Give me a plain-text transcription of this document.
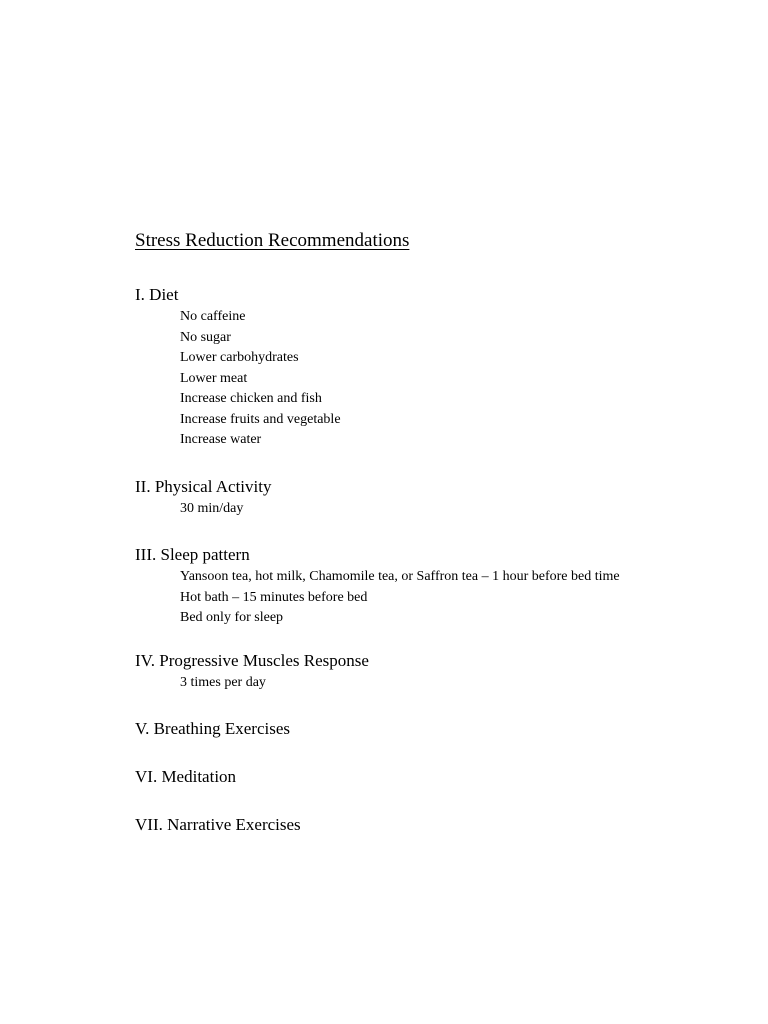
Stress Reduction Recommendations
I. Diet
No caffeine
No sugar
Lower carbohydrates
Lower meat
Increase chicken and fish
Increase fruits and vegetable
Increase water
II. Physical Activity
30 min/day
III. Sleep pattern
Yansoon tea, hot milk, Chamomile tea, or Saffron tea – 1 hour before bed time
Hot bath – 15 minutes before bed
Bed only for sleep
IV. Progressive Muscles Response
3 times per day
V. Breathing Exercises
VI. Meditation
VII. Narrative Exercises
